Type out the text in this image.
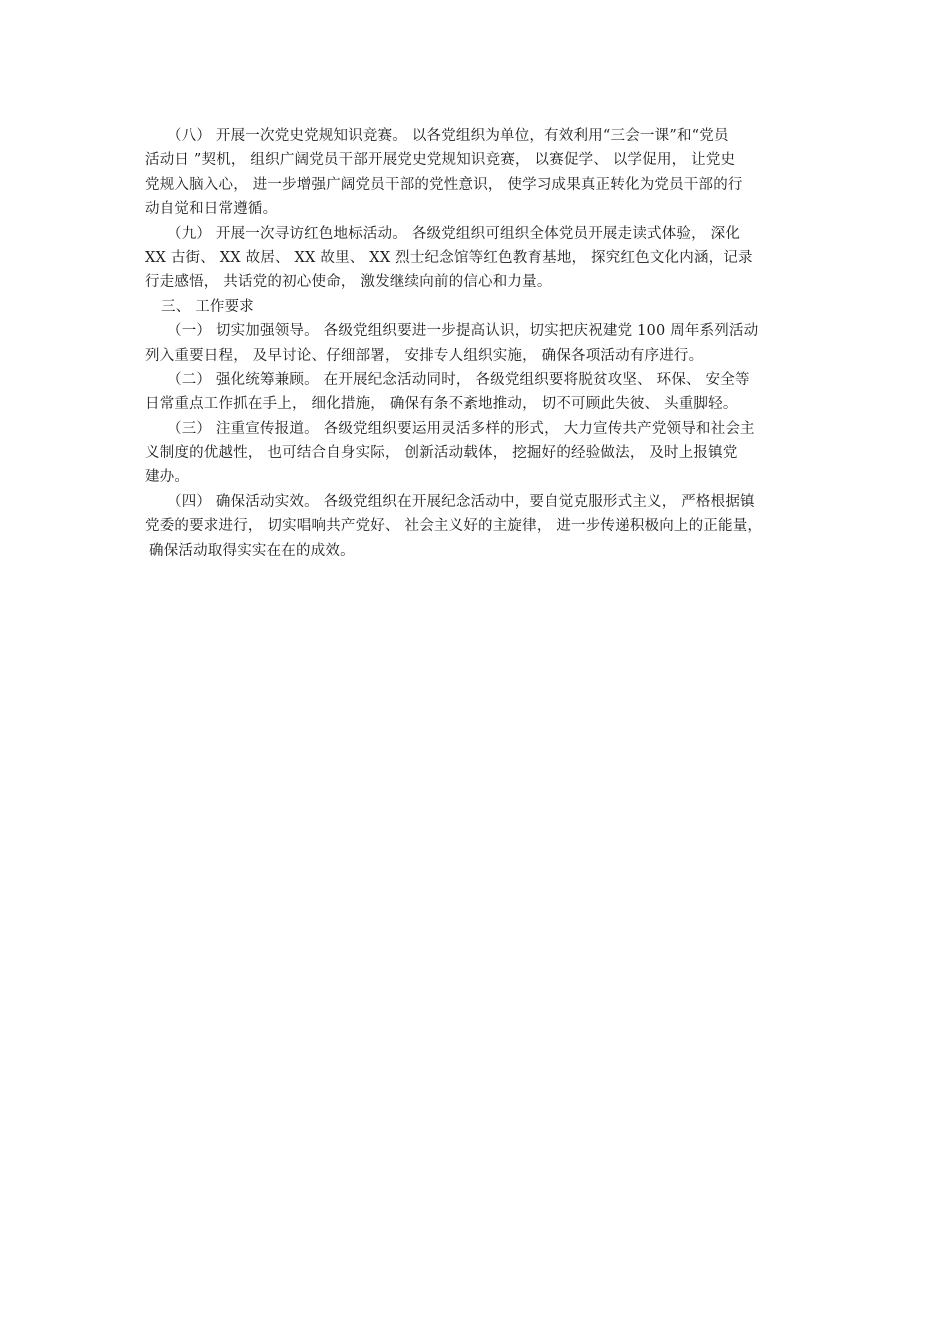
（八） 开展一次党史党规知识竞赛。 以各党组织为单位，有效利用“三会一课”和“党员
活动日 ”契机， 组织广阔党员干部开展党史党规知识竞赛， 以赛促学、 以学促用， 让党史
党规入脑入心， 进一步增强广阔党员干部的党性意识， 使学习成果真正转化为党员干部的行
动自觉和日常遵循。
（九） 开展一次寻访红色地标活动。 各级党组织可组织全体党员开展走读式体验， 深化
XX 古街、 XX 故居、 XX 故里、 XX 烈士纪念馆等红色教育基地， 探究红色文化内涵，记录
行走感悟， 共话党的初心使命， 激发继续向前的信心和力量。
三、 工作要求
（一） 切实加强领导。 各级党组织要进一步提高认识，切实把庆祝建党 100 周年系列活动
列入重要日程， 及早讨论、仔细部署， 安排专人组织实施， 确保各项活动有序进行。
（二） 强化统筹兼顾。 在开展纪念活动同时， 各级党组织要将脱贫攻坚、 环保、 安全等
日常重点工作抓在手上， 细化措施， 确保有条不紊地推动， 切不可顾此失彼、 头重脚轻。
（三） 注重宣传报道。 各级党组织要运用灵活多样的形式， 大力宣传共产党领导和社会主
义制度的优越性， 也可结合自身实际， 创新活动载体， 挖掘好的经验做法， 及时上报镇党
建办。
（四） 确保活动实效。 各级党组织在开展纪念活动中，要自觉克服形式主义， 严格根据镇
党委的要求进行， 切实唱响共产党好、 社会主义好的主旋律， 进一步传递积极向上的正能量，
确保活动取得实实在在的成效。
